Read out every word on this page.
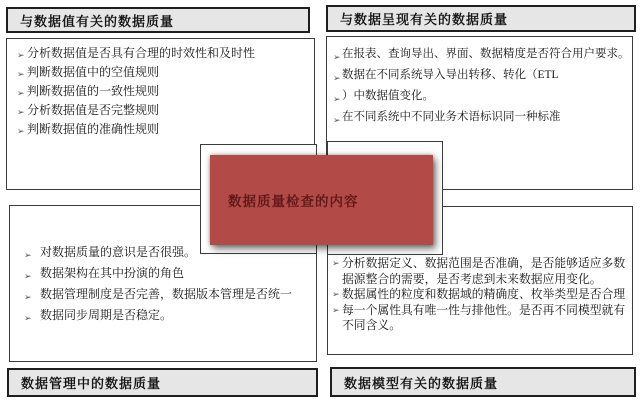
与数据值有关的数据质量
➢ 分析数据值是否具有合理的时效性和及时性
➢ 判断数据值中的空值规则
➢ 判断数据值的一致性规则
➢ 分析数据值是否完整规则
➢ 判断数据值的准确性规则
与数据呈现有关的数据质量
➢ 在报表、查询导出、界面、数据精度是否符合用户要求。
➢ 数据在不同系统导入导出转移、转化（ETL
➢ ）中数据值变化。
➢ 在不同系统中不同业务术语标识同一种标准
➢ 对数据质量的意识是否很强。
➢ 数据架构在其中扮演的角色
➢ 数据管理制度是否完善，数据版本管理是否统一
➢ 数据同步周期是否稳定。
数据管理中的数据质量
➢ 分析数据定义、数据范围是否准确，是否能够适应多数据源整合的需要，是否考虑到未来数据应用变化。
➢ 数据属性的粒度和数据域的精确度、枚举类型是否合理
➢ 每一个属性具有唯一性与排他性。是否再不同模型就有不同含义。
数据模型有关的数据质量
数据质量检查的内容
